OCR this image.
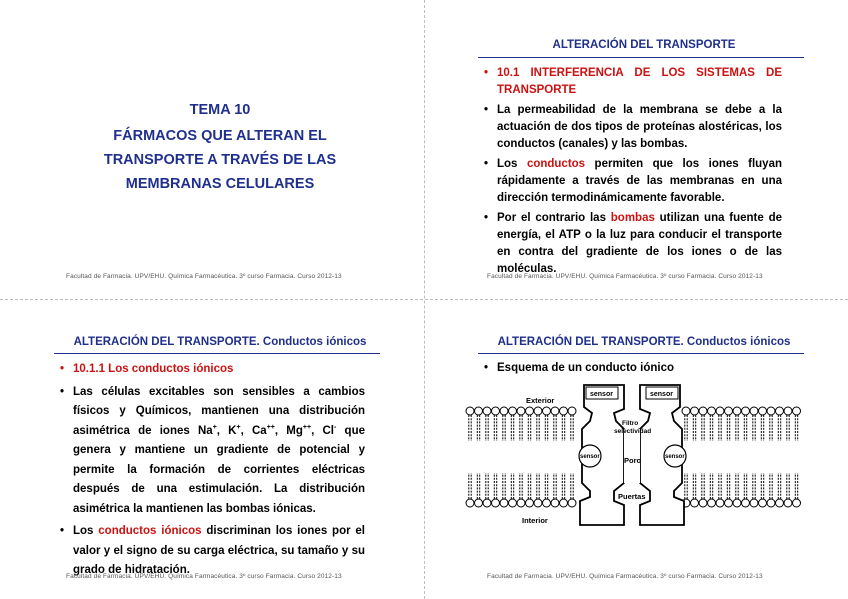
TEMA 10
FÁRMACOS QUE ALTERAN EL
TRANSPORTE A TRAVÉS DE LAS
MEMBRANAS CELULARES
Facultad de Farmacia. UPV/EHU. Química Farmacéutica. 3º curso Farmacia. Curso 2012-13
ALTERACIÓN DEL TRANSPORTE
• 10.1 INTERFERENCIA DE LOS SISTEMAS DE TRANSPORTE
• La permeabilidad de la membrana se debe a la actuación de dos tipos de proteínas alostéricas, los conductos (canales) y las bombas.
• Los conductos permiten que los iones fluyan rápidamente a través de las membranas en una dirección termodinámicamente favorable.
• Por el contrario las bombas utilizan una fuente de energía, el ATP o la luz para conducir el transporte en contra del gradiente de los iones o de las moléculas.
Facultad de Farmacia. UPV/EHU. Química Farmacéutica. 3º curso Farmacia. Curso 2012-13
ALTERACIÓN DEL TRANSPORTE. Conductos iónicos
• 10.1.1 Los conductos iónicos
• Las células excitables son sensibles a cambios físicos y Químicos, mantienen una distribución asimétrica de iones Na+, K+, Ca++, Mg++, Cl- que genera y mantiene un gradiente de potencial y permite la formación de corrientes eléctricas después de una estimulación. La distribución asimétrica la mantienen las bombas iónicas.
• Los conductos iónicos discriminan los iones por el valor y el signo de su carga eléctrica, su tamaño y su grado de hidratación.
Facultad de Farmacia. UPV/EHU. Química Farmacéutica. 3º curso Farmacia. Curso 2012-13
ALTERACIÓN DEL TRANSPORTE. Conductos iónicos
• Esquema de un conducto iónico
sensor	sensor
sensor	sensor
Exterior
Interior
Filtro
selectividad
Poro
Puertas
Facultad de Farmacia. UPV/EHU. Química Farmacéutica. 3º curso Farmacia. Curso 2012-13
